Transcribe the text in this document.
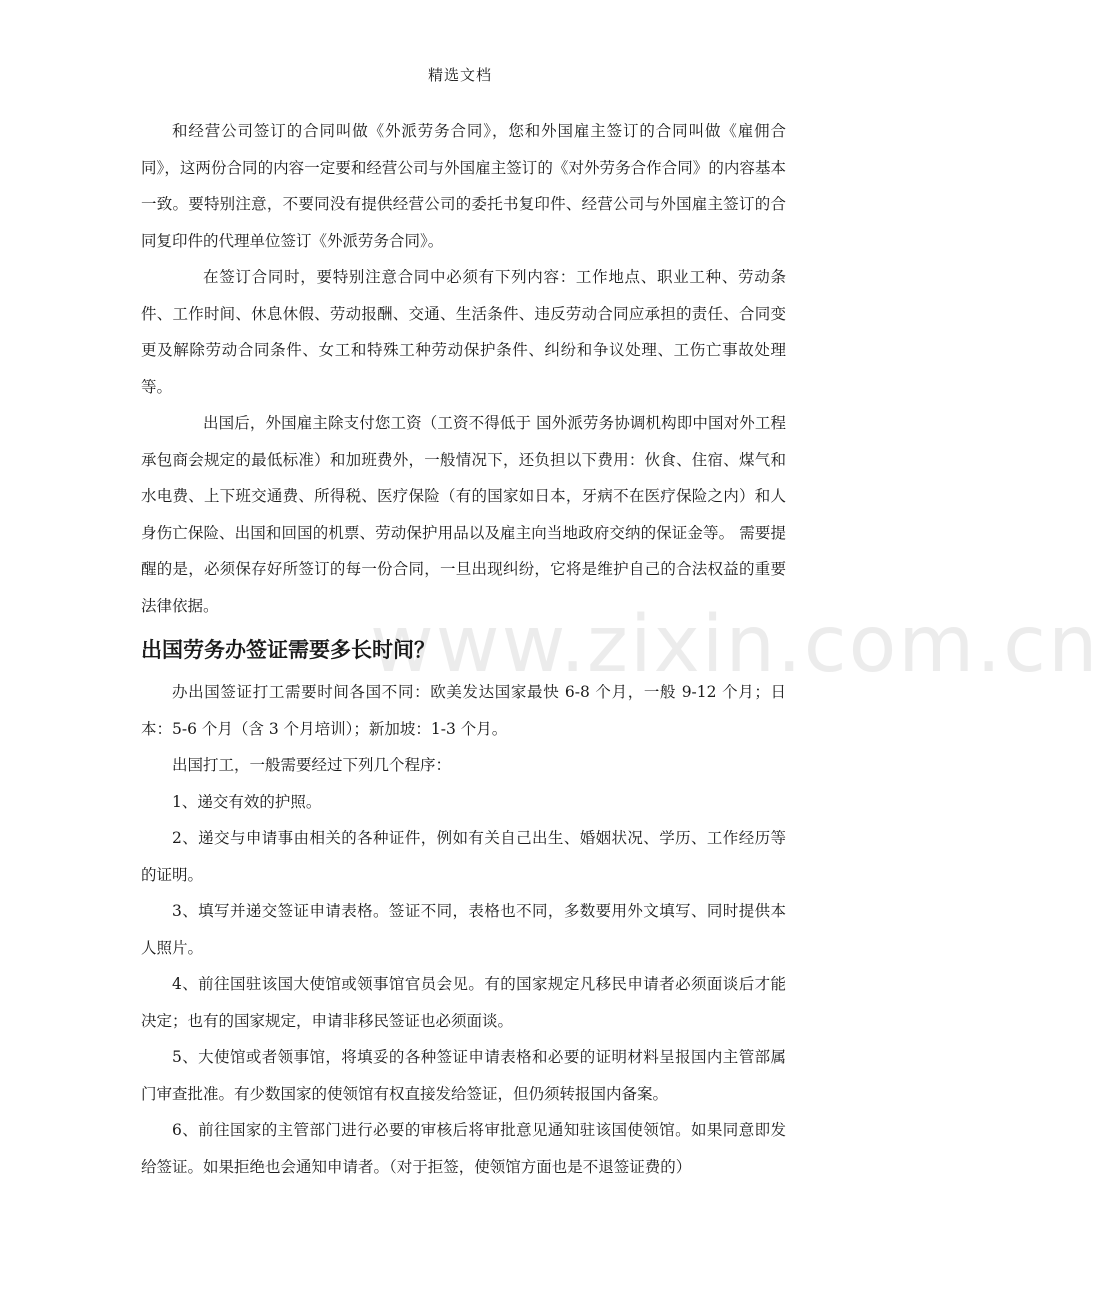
精选文档
www.zixin.com.cn

和经营公司签订的合同叫做《外派劳务合同》，您和外国雇主签订的合同叫做《雇佣合同》，这两份合同的内容一定要和经营公司与外国雇主签订的《对外劳务合作合同》的内容基本一致。要特别注意，不要同没有提供经营公司的委托书复印件、经营公司与外国雇主签订的合同复印件的代理单位签订《外派劳务合同》。

在签订合同时，要特别注意合同中必须有下列内容：工作地点、职业工种、劳动条件、工作时间、休息休假、劳动报酬、交通、生活条件、违反劳动合同应承担的责任、合同变更及解除劳动合同条件、女工和特殊工种劳动保护条件、纠纷和争议处理、工伤亡事故处理等。

出国后，外国雇主除支付您工资（工资不得低于 国外派劳务协调机构即中国对外工程承包商会规定的最低标准）和加班费外，一般情况下，还负担以下费用：伙食、住宿、煤气和水电费、上下班交通费、所得税、医疗保险（有的国家如日本，牙病不在医疗保险之内）和人身伤亡保险、出国和回国的机票、劳动保护用品以及雇主向当地政府交纳的保证金等。 需要提醒的是，必须保存好所签订的每一份合同，一旦出现纠纷，它将是维护自己的合法权益的重要法律依据。

出国劳务办签证需要多长时间？

办出国签证打工需要时间各国不同：欧美发达国家最快 6-8 个月，一般 9-12 个月；日本：5-6 个月（含 3 个月培训）；新加坡：1-3 个月。

出国打工，一般需要经过下列几个程序：

1、递交有效的护照。

2、递交与申请事由相关的各种证件，例如有关自己出生、婚姻状况、学历、工作经历等的证明。

3、填写并递交签证申请表格。签证不同，表格也不同，多数要用外文填写、同时提供本人照片。

4、前往国驻该国大使馆或领事馆官员会见。有的国家规定凡移民申请者必须面谈后才能决定；也有的国家规定，申请非移民签证也必须面谈。

5、大使馆或者领事馆，将填妥的各种签证申请表格和必要的证明材料呈报国内主管部属门审查批准。有少数国家的使领馆有权直接发给签证，但仍须转报国内备案。

6、前往国家的主管部门进行必要的审核后将审批意见通知驻该国使领馆。如果同意即发给签证。如果拒绝也会通知申请者。（对于拒签，使领馆方面也是不退签证费的）
